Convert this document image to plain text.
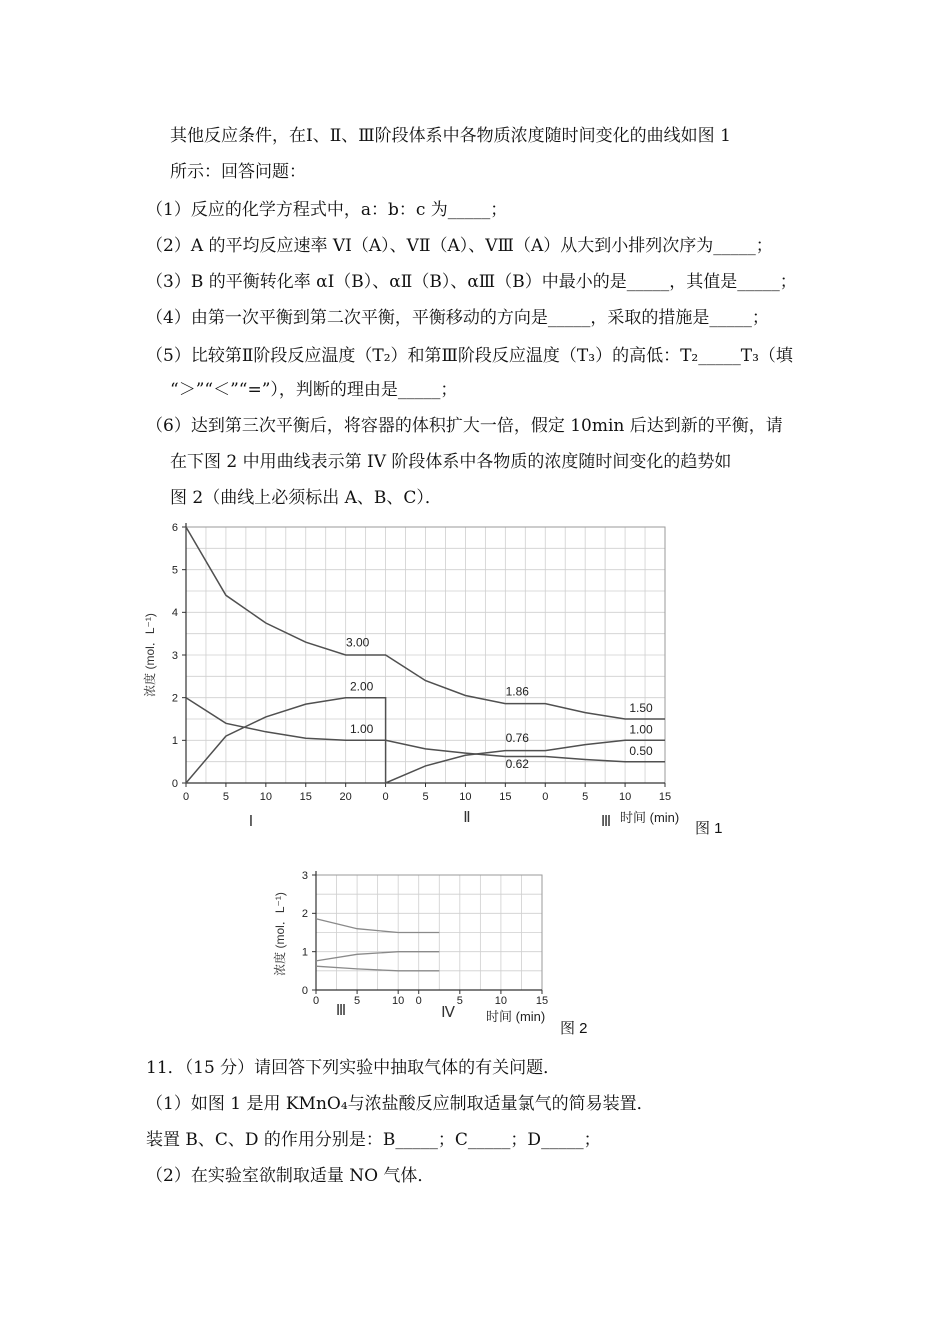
其他反应条件，在Ⅰ、Ⅱ、Ⅲ阶段体系中各物质浓度随时间变化的曲线如图 1
所示：回答问题：
（1）反应的化学方程式中，a：b：c 为_____；
（2）A 的平均反应速率 VⅠ（A）、VⅡ（A）、VⅢ（A）从大到小排列次序为_____；
（3）B 的平衡转化率 αⅠ（B）、αⅡ（B）、αⅢ（B）中最小的是_____，其值是_____；
（4）由第一次平衡到第二次平衡，平衡移动的方向是_____，采取的措施是_____；
（5）比较第Ⅱ阶段反应温度（T₂）和第Ⅲ阶段反应温度（T₃）的高低：T₂_____T₃（填
“＞”“＜”“=”），判断的理由是_____；
（6）达到第三次平衡后，将容器的体积扩大一倍，假定 10min 后达到新的平衡，请
在下图 2 中用曲线表示第 IV 阶段体系中各物质的浓度随时间变化的趋势如
图 2（曲线上必须标出 A、B、C）．
0
1
2
3
4
5
6
0	5	10	15	20
Ⅰ
0	5	10	15
Ⅱ
0	5	10	15
Ⅲ
3.00
2.00
1.00
1.86
0.76
0.62
1.50
1.00
0.50
浓度 (mol．L⁻¹)
时间 (min)
图 1
0
1
2
3
0	5	10
Ⅲ
0	5	10	15
Ⅳ
浓度 (mol．L⁻¹)
时间 (min)
图 2
11．（15 分）请回答下列实验中抽取气体的有关问题．
（1）如图 1 是用 KMnO₄与浓盐酸反应制取适量氯气的简易装置．
装置 B、C、D 的作用分别是：B_____；C_____；D_____；
（2）在实验室欲制取适量 NO 气体．
